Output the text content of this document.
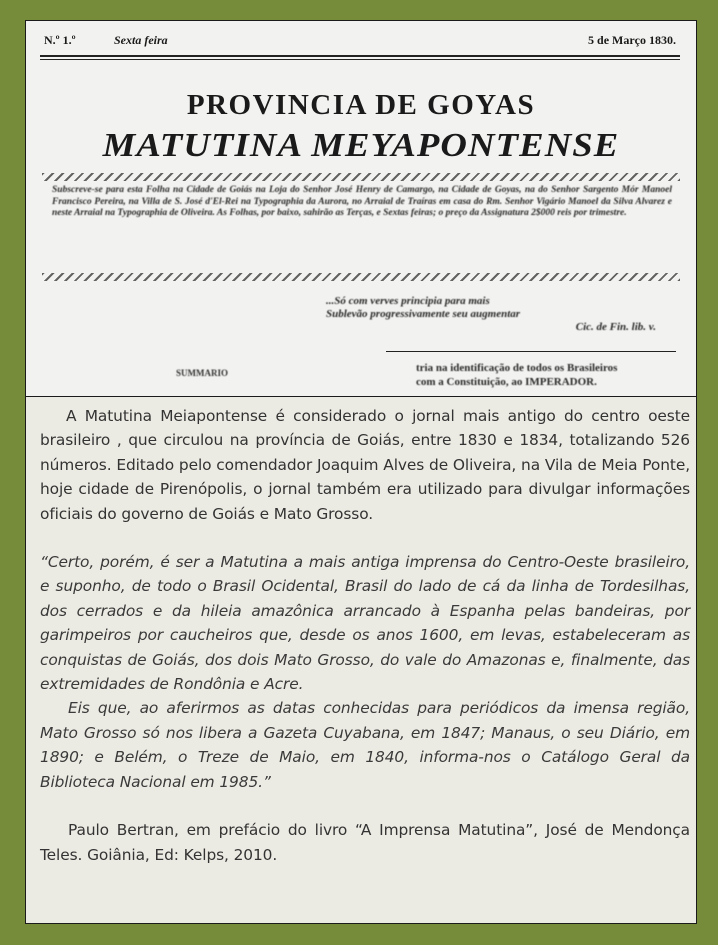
N.º 1.º	Sexta feira	5 de Março 1830.
PROVINCIA DE GOYAS
MATUTINA MEYAPONTENSE
Subscreve-se para esta Folha na Cidade de Goiás na Loja do Senhor José Henry de Camargo, na Cidade de Goyas, na do Senhor Sargento Mór Manoel Francisco Pereira, na Villa de S. José d'El-Rei na Typographia da Aurora, no Arraial de Traíras em casa do Rm. Senhor Vigário Manoel da Silva Alvarez e neste Arraial na Typographia de Oliveira. As Folhas, por baixo, sahirão as Terças, e Sextas feiras; o preço da Assignatura 2$000 reis por trimestre.
...Só com verves principia para mais
Sublevão progressivamente seu augmentar
Cic. de Fin. lib. v.
SUMMARIO	tria na identificação de todos os Brasileiros
com a Constituição, ao IMPERADOR.

A Matutina Meiapontense é considerado o jornal mais antigo do centro oeste brasileiro , que circulou na província de Goiás, entre 1830 e 1834, totalizando 526 números. Editado pelo comendador Joaquim Alves de Oliveira, na Vila de Meia Ponte, hoje cidade de Pirenópolis, o jornal também era utilizado para divulgar informações oficiais do governo de Goiás e Mato Grosso.

“Certo, porém, é ser a Matutina a mais antiga imprensa do Centro-Oeste brasileiro, e suponho, de todo o Brasil Ocidental, Brasil do lado de cá da linha de Tordesilhas, dos cerrados e da hileia amazônica arrancado à Espanha pelas bandeiras, por garimpeiros por caucheiros que, desde os anos 1600, em levas, estabeleceram as conquistas de Goiás, dos dois Mato Grosso, do vale do Amazonas e, finalmente, das extremidades de Rondônia e Acre.

Eis que, ao aferirmos as datas conhecidas para periódicos da imensa região, Mato Grosso só nos libera a Gazeta Cuyabana, em 1847; Manaus, o seu Diário, em 1890; e Belém, o Treze de Maio, em 1840, informa-nos o Catálogo Geral da Biblioteca Nacional em 1985.”

Paulo Bertran, em prefácio do livro “A Imprensa Matutina”, José de Mendonça Teles. Goiânia, Ed: Kelps, 2010.
